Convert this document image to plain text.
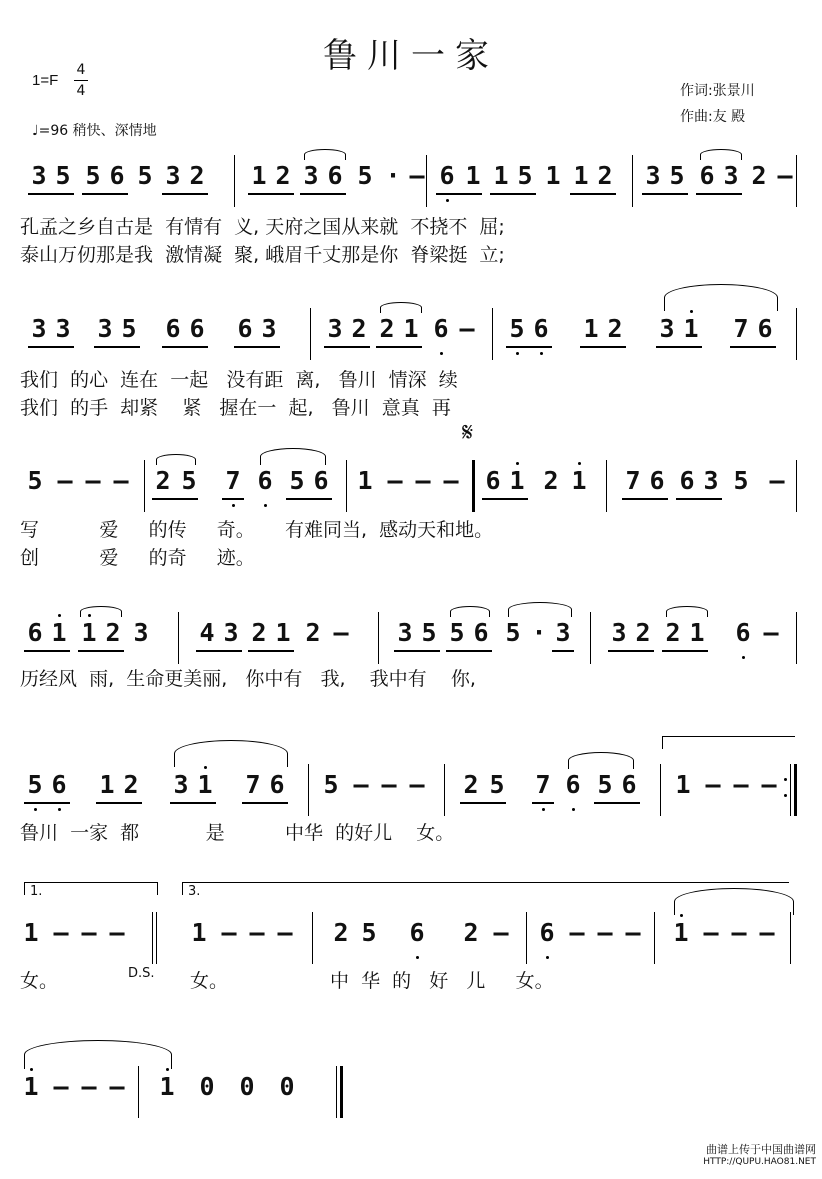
鲁川一家
1=F
4
4
♩=96 稍快、深情地
作词:张景川
作曲:友 殿
3 5 5 6 5 3 2 1 2 3 6 5 · – 6 1 1 5 1 1 2 3 5 6 3 2 –
孔孟之乡自古是  有情有  义, 天府之国从来就  不挠不  屈;
泰山万仞那是我  激情凝  聚, 峨眉千丈那是你  脊梁挺  立;
3 3 3 5 6 6 6 3 3 2 2 1 6 – 5 6 1 2 3 1 7 6
我们  的心  连在  一起   没有距  离,   鲁川  情深  续
我们  的手  却紧    紧   握在一  起,   鲁川  意真  再
𝄋
5 – – – 2 5 7 6 5 6 1 – – – 6 1 2 1 7 6 6 3 5 –
写          爱     的传     奇。     有难同当,  感动天和地。
创          爱     的奇     迹。
6 1 1 2 3 4 3 2 1 2 – 3 5 5 6 5 · 3 3 2 2 1 6 –
历经风  雨,  生命更美丽,   你中有   我,    我中有    你,
5 6 1 2 3 1 7 6 5 – – – 2 5 7 6 5 6 1 – – –
鲁川  一家  都           是          中华  的好儿    女。
1.	3.
1 – – –	1 – – – 2 5 6 2 – 6 – – – 1 – – –
D.S.
女。	女。	中  华  的   好   儿     女。
1 – – – 1 0 0 0
曲谱上传于中国曲谱网
HTTP://QUPU.HAO81.NET
